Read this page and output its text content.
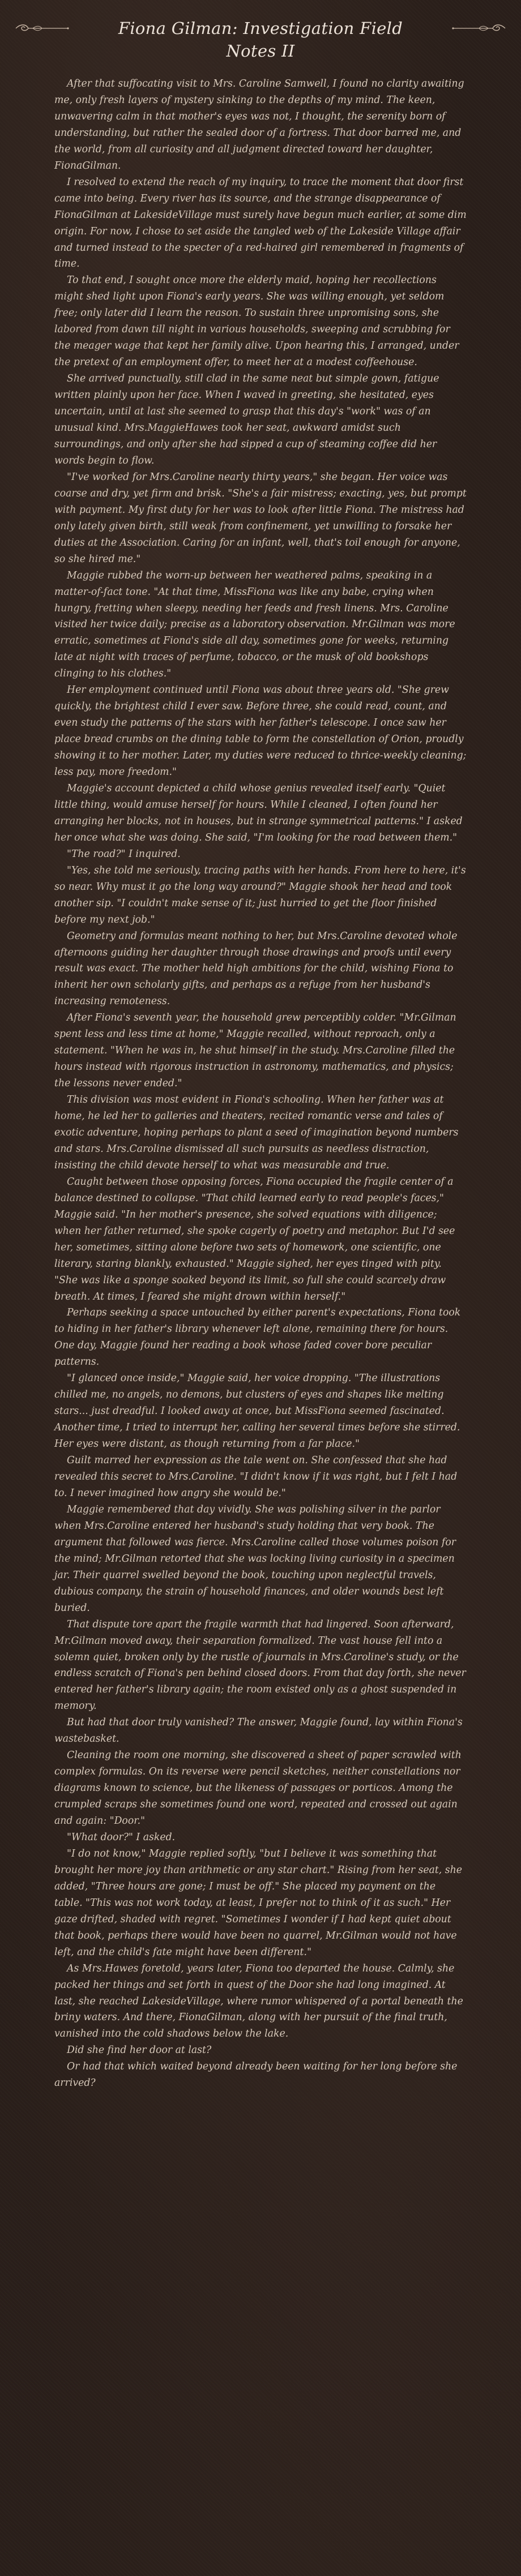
Fiona Gilman: Investigation Field
Notes II

After that suffocating visit to Mrs. Caroline Samwell, I found no clarity awaiting me, only fresh layers of mystery sinking to the depths of my mind. The keen, unwavering calm in that mother's eyes was not, I thought, the serenity born of understanding, but rather the sealed door of a fortress. That door barred me, and the world, from all curiosity and all judgment directed toward her daughter, FionaGilman.

I resolved to extend the reach of my inquiry, to trace the moment that door first came into being. Every river has its source, and the strange disappearance of FionaGilman at LakesideVillage must surely have begun much earlier, at some dim origin. For now, I chose to set aside the tangled web of the Lakeside Village affair and turned instead to the specter of a red-haired girl remembered in fragments of time.

To that end, I sought once more the elderly maid, hoping her recollections might shed light upon Fiona's early years. She was willing enough, yet seldom free; only later did I learn the reason. To sustain three unpromising sons, she labored from dawn till night in various households, sweeping and scrubbing for the meager wage that kept her family alive. Upon hearing this, I arranged, under the pretext of an employment offer, to meet her at a modest coffeehouse.

She arrived punctually, still clad in the same neat but simple gown, fatigue written plainly upon her face. When I waved in greeting, she hesitated, eyes uncertain, until at last she seemed to grasp that this day's "work" was of an unusual kind. Mrs.MaggieHawes took her seat, awkward amidst such surroundings, and only after she had sipped a cup of steaming coffee did her words begin to flow.

"I've worked for Mrs.Caroline nearly thirty years," she began. Her voice was coarse and dry, yet firm and brisk. "She's a fair mistress; exacting, yes, but prompt with payment. My first duty for her was to look after little Fiona. The mistress had only lately given birth, still weak from confinement, yet unwilling to forsake her duties at the Association. Caring for an infant, well, that's toil enough for anyone, so she hired me."

Maggie rubbed the worn-up between her weathered palms, speaking in a matter-of-fact tone. "At that time, MissFiona was like any babe, crying when hungry, fretting when sleepy, needing her feeds and fresh linens. Mrs. Caroline visited her twice daily; precise as a laboratory observation. Mr.Gilman was more erratic, sometimes at Fiona's side all day, sometimes gone for weeks, returning late at night with traces of perfume, tobacco, or the musk of old bookshops clinging to his clothes."

Her employment continued until Fiona was about three years old. "She grew quickly, the brightest child I ever saw. Before three, she could read, count, and even study the patterns of the stars with her father's telescope. I once saw her place bread crumbs on the dining table to form the constellation of Orion, proudly showing it to her mother. Later, my duties were reduced to thrice-weekly cleaning; less pay, more freedom."

Maggie's account depicted a child whose genius revealed itself early. "Quiet little thing, would amuse herself for hours. While I cleaned, I often found her arranging her blocks, not in houses, but in strange symmetrical patterns." I asked her once what she was doing. She said, "I'm looking for the road between them."

"The road?" I inquired.

"Yes, she told me seriously, tracing paths with her hands. From here to here, it's so near. Why must it go the long way around?" Maggie shook her head and took another sip. "I couldn't make sense of it; just hurried to get the floor finished before my next job."

Geometry and formulas meant nothing to her, but Mrs.Caroline devoted whole afternoons guiding her daughter through those drawings and proofs until every result was exact. The mother held high ambitions for the child, wishing Fiona to inherit her own scholarly gifts, and perhaps as a refuge from her husband's increasing remoteness.

After Fiona's seventh year, the household grew perceptibly colder. "Mr.Gilman spent less and less time at home," Maggie recalled, without reproach, only a statement. "When he was in, he shut himself in the study. Mrs.Caroline filled the hours instead with rigorous instruction in astronomy, mathematics, and physics; the lessons never ended."

This division was most evident in Fiona's schooling. When her father was at home, he led her to galleries and theaters, recited romantic verse and tales of exotic adventure, hoping perhaps to plant a seed of imagination beyond numbers and stars. Mrs.Caroline dismissed all such pursuits as needless distraction, insisting the child devote herself to what was measurable and true.

Caught between those opposing forces, Fiona occupied the fragile center of a balance destined to collapse. "That child learned early to read people's faces," Maggie said. "In her mother's presence, she solved equations with diligence; when her father returned, she spoke cagerly of poetry and metaphor. But I'd see her, sometimes, sitting alone before two sets of homework, one scientific, one literary, staring blankly, exhausted." Maggie sighed, her eyes tinged with pity. "She was like a sponge soaked beyond its limit, so full she could scarcely draw breath. At times, I feared she might drown within herself."

Perhaps seeking a space untouched by either parent's expectations, Fiona took to hiding in her father's library whenever left alone, remaining there for hours. One day, Maggie found her reading a book whose faded cover bore peculiar patterns.

"I glanced once inside," Maggie said, her voice dropping. "The illustrations chilled me, no angels, no demons, but clusters of eyes and shapes like melting stars... just dreadful. I looked away at once, but MissFiona seemed fascinated. Another time, I tried to interrupt her, calling her several times before she stirred. Her eyes were distant, as though returning from a far place."

Guilt marred her expression as the tale went on. She confessed that she had revealed this secret to Mrs.Caroline. "I didn't know if it was right, but I felt I had to. I never imagined how angry she would be."

Maggie remembered that day vividly. She was polishing silver in the parlor when Mrs.Caroline entered her husband's study holding that very book. The argument that followed was fierce. Mrs.Caroline called those volumes poison for the mind; Mr.Gilman retorted that she was locking living curiosity in a specimen jar. Their quarrel swelled beyond the book, touching upon neglectful travels, dubious company, the strain of household finances, and older wounds best left buried.

That dispute tore apart the fragile warmth that had lingered. Soon afterward, Mr.Gilman moved away, their separation formalized. The vast house fell into a solemn quiet, broken only by the rustle of journals in Mrs.Caroline's study, or the endless scratch of Fiona's pen behind closed doors. From that day forth, she never entered her father's library again; the room existed only as a ghost suspended in memory.

But had that door truly vanished? The answer, Maggie found, lay within Fiona's wastebasket.

Cleaning the room one morning, she discovered a sheet of paper scrawled with complex formulas. On its reverse were pencil sketches, neither constellations nor diagrams known to science, but the likeness of passages or porticos. Among the crumpled scraps she sometimes found one word, repeated and crossed out again and again: "Door."

"What door?" I asked.

"I do not know," Maggie replied softly, "but I believe it was something that brought her more joy than arithmetic or any star chart." Rising from her seat, she added, "Three hours are gone; I must be off." She placed my payment on the table. "This was not work today, at least, I prefer not to think of it as such." Her gaze drifted, shaded with regret. "Sometimes I wonder if I had kept quiet about that book, perhaps there would have been no quarrel, Mr.Gilman would not have left, and the child's fate might have been different."

As Mrs.Hawes foretold, years later, Fiona too departed the house. Calmly, she packed her things and set forth in quest of the Door she had long imagined. At last, she reached LakesideVillage, where rumor whispered of a portal beneath the briny waters. And there, FionaGilman, along with her pursuit of the final truth, vanished into the cold shadows below the lake.

Did she find her door at last?

Or had that which waited beyond already been waiting for her long before she arrived?
